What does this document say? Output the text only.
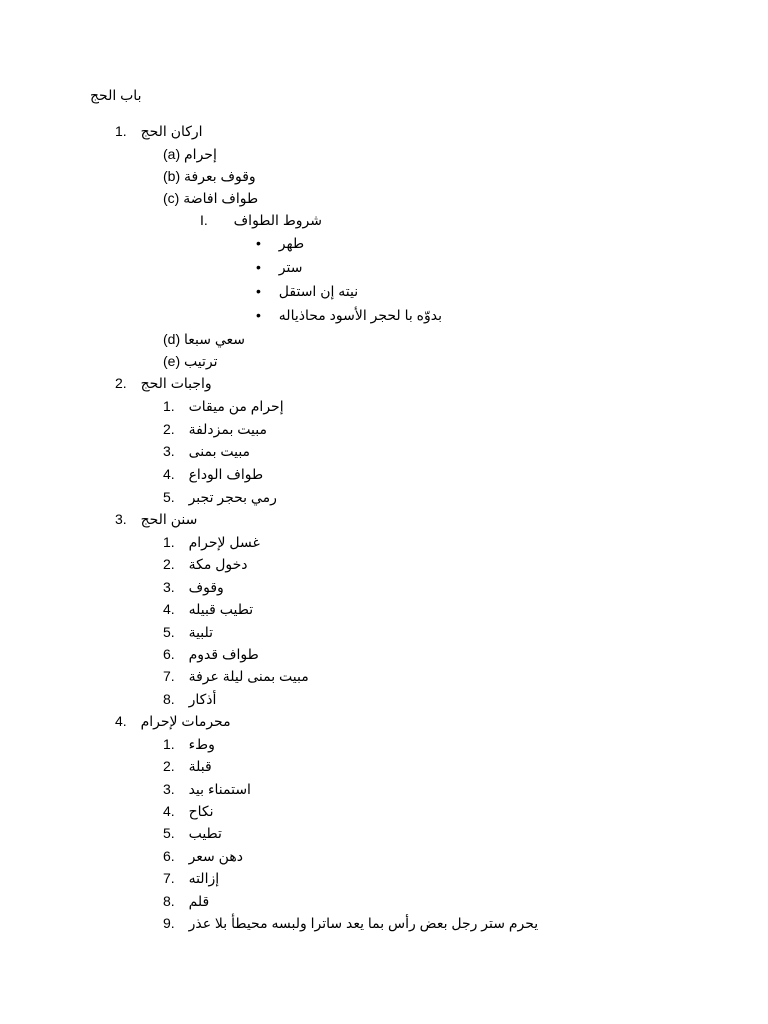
باب الحج
1. اركان الحج
(a) إحرام
(b) وقوف بعرفة
(c) طواف افاضة
I. شروط الطواف
• طهر
• ستر
• نيته إن استقل
• بدوّه با لحجر الأسود محاذياله
(d) سعي سبعا
(e) ترتيب
2. واجبات الحج
1. إحرام من ميقات
2. مبيت بمزدلفة
3. مبيت بمنى
4. طواف الوداع
5. رمي بحجر تجبر
3. سنن الحج
1. غسل لإحرام
2. دخول مكة
3. وقوف
4. تطيب قبيله
5. تلبية
6. طواف قدوم
7. مبيت بمنى ليلة عرفة
8. أذكار
4. محرمات لإحرام
1. وطء
2. قبلة
3. استمناء بيد
4. نكاح
5. تطيب
6. دهن سعر
7. إزالته
8. قلم
9. يحرم ستر رجل بعض رأس بما يعد ساترا ولبسه محيطأ بلا عذر
